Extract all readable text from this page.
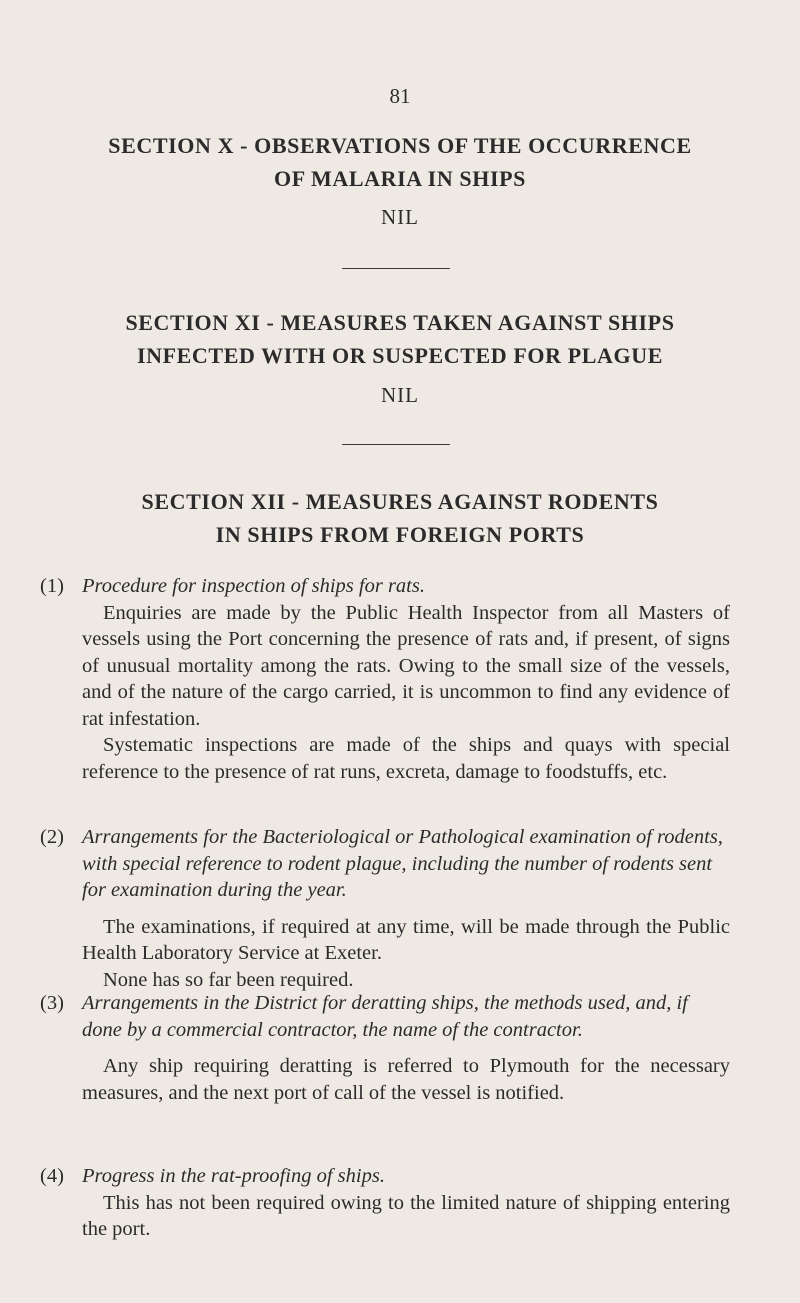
81
SECTION X - OBSERVATIONS OF THE OCCURRENCE
OF MALARIA IN SHIPS
NIL
SECTION XI - MEASURES TAKEN AGAINST SHIPS
INFECTED WITH OR SUSPECTED FOR PLAGUE
NIL
SECTION XII - MEASURES AGAINST RODENTS
IN SHIPS FROM FOREIGN PORTS
(1) Procedure for inspection of ships for rats.
Enquiries are made by the Public Health Inspector from all Masters of vessels using the Port concerning the presence of rats and, if present, of signs of unusual mortality among the rats. Owing to the small size of the vessels, and of the nature of the cargo carried, it is uncommon to find any evidence of rat infestation.
Systematic inspections are made of the ships and quays with special reference to the presence of rat runs, excreta, damage to foodstuffs, etc.
(2) Arrangements for the Bacteriological or Pathological examination of rodents, with special reference to rodent plague, including the number of rodents sent for examination during the year.
The examinations, if required at any time, will be made through the Public Health Laboratory Service at Exeter.
None has so far been required.
(3) Arrangements in the District for deratting ships, the methods used, and, if done by a commercial contractor, the name of the contractor.
Any ship requiring deratting is referred to Plymouth for the necessary measures, and the next port of call of the vessel is notified.
(4) Progress in the rat-proofing of ships.
This has not been required owing to the limited nature of shipping entering the port.
